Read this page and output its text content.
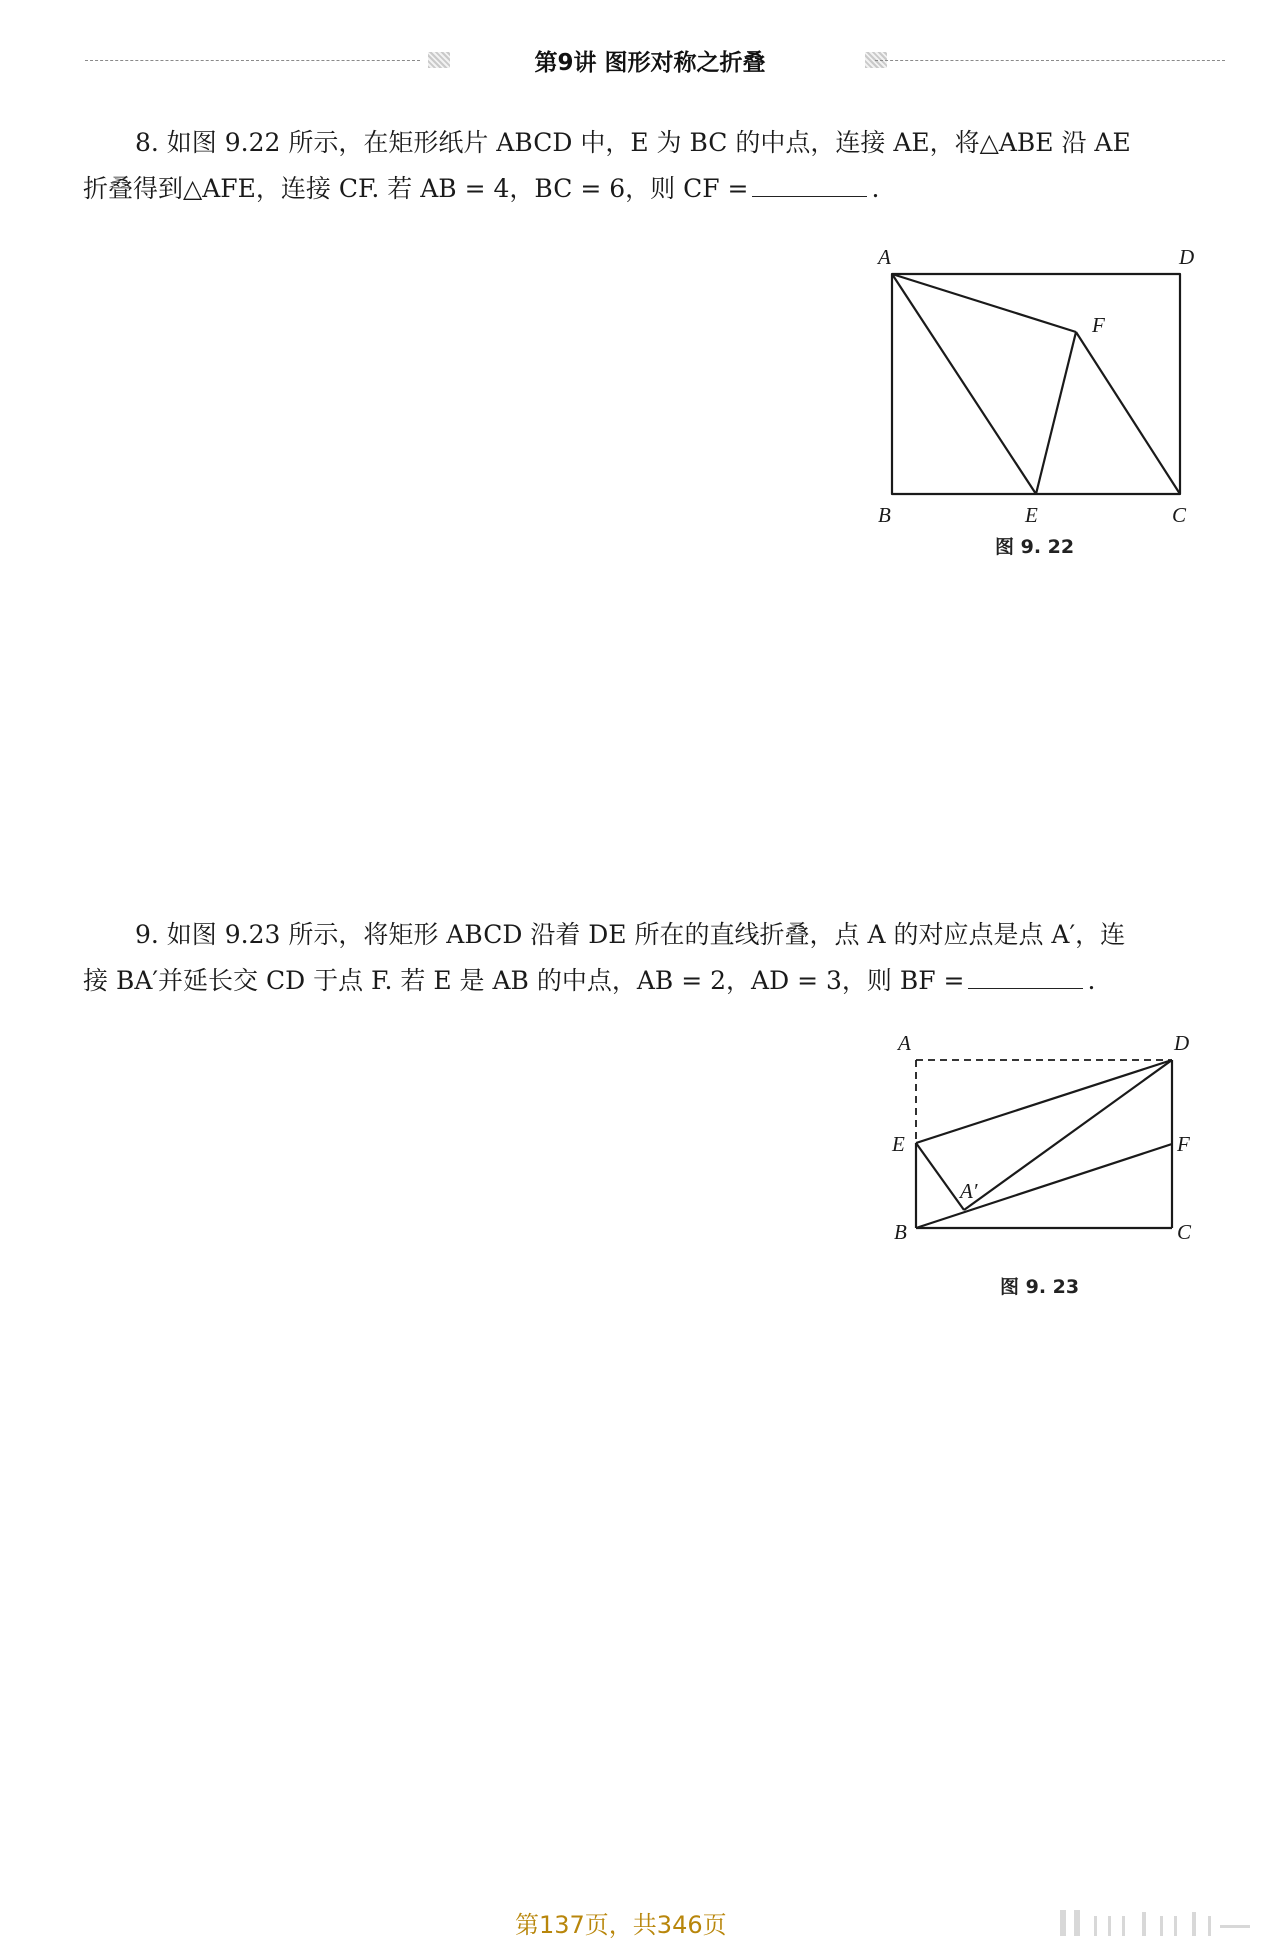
第9讲 图形对称之折叠

8. 如图 9.22 所示，在矩形纸片 ABCD 中，E 为 BC 的中点，连接 AE，将△ABE 沿 AE

折叠得到△AFE，连接 CF. 若 AB = 4，BC = 6，则 CF =	.

A	D
F
B	E	C
图 9. 22

9. 如图 9.23 所示，将矩形 ABCD 沿着 DE 所在的直线折叠，点 A 的对应点是点 A′，连

接 BA′并延长交 CD 于点 F. 若 E 是 AB 的中点，AB = 2，AD = 3，则 BF =	.

A	D
E	F
A′
B	C
图 9. 23
第137页，共346页
